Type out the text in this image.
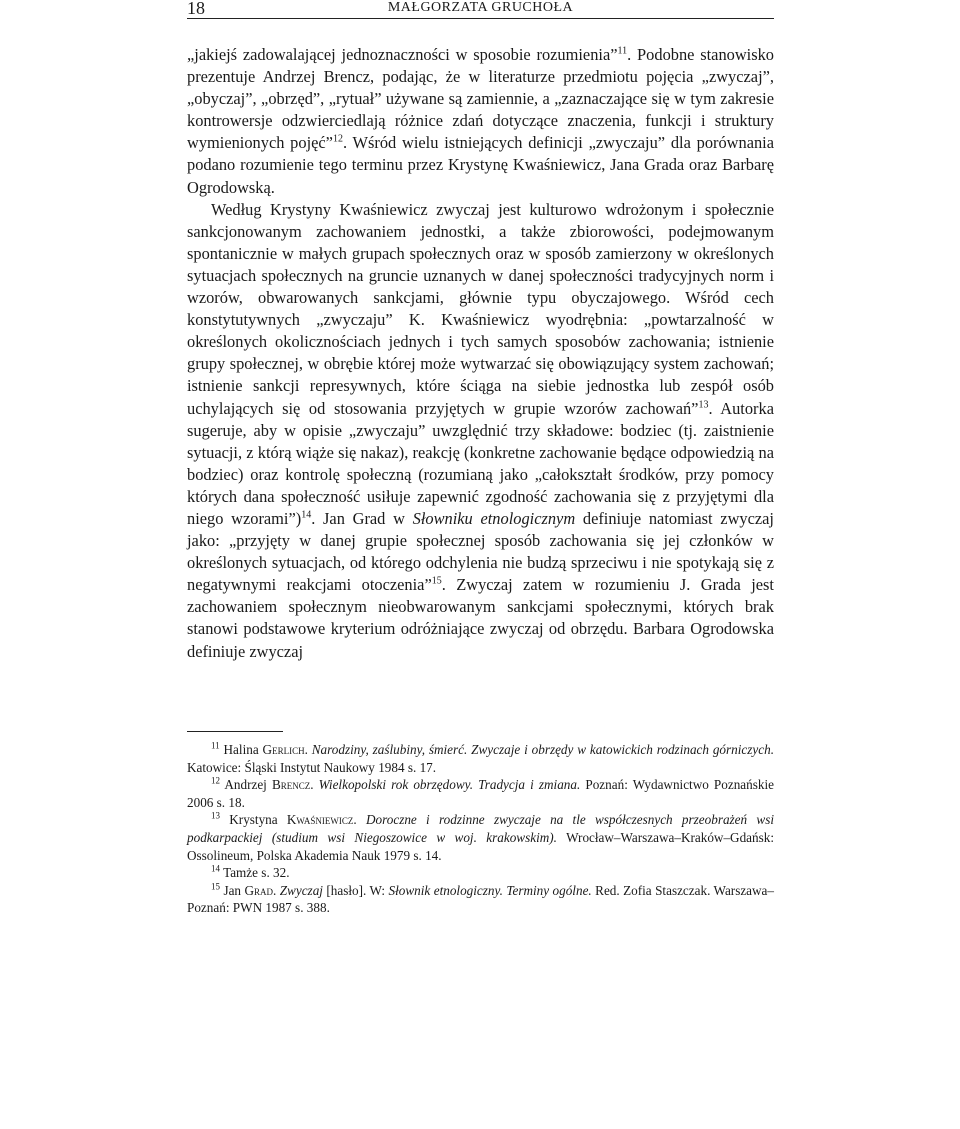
18	MAŁGORZATA GRUCHOŁA

„jakiejś zadowalającej jednoznaczności w sposobie rozumienia”$^{11}$. Podobne stanowisko prezentuje Andrzej Brencz, podając, że w literaturze przedmiotu pojęcia „zwyczaj”, „obyczaj”, „obrzęd”, „rytuał” używane są zamiennie, a „zaznaczające się w tym zakresie kontrowersje odzwierciedlają różnice zdań dotyczące znaczenia, funkcji i struktury wymienionych pojęć”$^{12}$. Wśród wielu istniejących definicji „zwyczaju” dla porównania podano rozumienie tego terminu przez Krystynę Kwaśniewicz, Jana Grada oraz Barbarę Ogrodowską.

Według Krystyny Kwaśniewicz zwyczaj jest kulturowo wdrożonym i społecznie sankcjonowanym zachowaniem jednostki, a także zbiorowości, podejmowanym spontanicznie w małych grupach społecznych oraz w sposób zamierzony w określonych sytuacjach społecznych na gruncie uznanych w danej społeczności tradycyjnych norm i wzorów, obwarowanych sankcjami, głównie typu obyczajowego. Wśród cech konstytutywnych „zwyczaju” K. Kwaśniewicz wyodrębnia: „powtarzalność w określonych okolicznościach jednych i tych samych sposobów zachowania; istnienie grupy społecznej, w obrębie której może wytwarzać się obowiązujący system zachowań; istnienie sankcji represywnych, które ściąga na siebie jednostka lub zespół osób uchylających się od stosowania przyjętych w grupie wzorów zachowań”$^{13}$. Autorka sugeruje, aby w opisie „zwyczaju” uwzględnić trzy składowe: bodziec (tj. zaistnienie sytuacji, z którą wiąże się nakaz), reakcję (konkretne zachowanie będące odpowiedzią na bodziec) oraz kontrolę społeczną (rozumianą jako „całokształt środków, przy pomocy których dana społeczność usiłuje zapewnić zgodność zachowania się z przyjętymi dla niego wzorami”)$^{14}$. Jan Grad w Słowniku etnologicznym definiuje natomiast zwyczaj jako: „przyjęty w danej grupie społecznej sposób zachowania się jej członków w określonych sytuacjach, od którego odchylenia nie budzą sprzeciwu i nie spotykają się z negatywnymi reakcjami otoczenia”$^{15}$. Zwyczaj zatem w rozumieniu J. Grada jest zachowaniem społecznym nieobwarowanym sankcjami społecznymi, których brak stanowi podstawowe kryterium odróżniające zwyczaj od obrzędu. Barbara Ogrodowska definiuje zwyczaj

$^{11}$ Halina Gerlich. Narodziny, zaślubiny, śmierć. Zwyczaje i obrzędy w katowickich rodzinach górniczych. Katowice: Śląski Instytut Naukowy 1984 s. 17.

$^{12}$ Andrzej Brencz. Wielkopolski rok obrzędowy. Tradycja i zmiana. Poznań: Wydawnictwo Poznańskie 2006 s. 18.

$^{13}$ Krystyna Kwaśniewicz. Doroczne i rodzinne zwyczaje na tle współczesnych przeobrażeń wsi podkarpackiej (studium wsi Niegoszowice w woj. krakowskim). Wrocław–Warszawa–Kraków–Gdańsk: Ossolineum, Polska Akademia Nauk 1979 s. 14.

$^{14}$ Tamże s. 32.

$^{15}$ Jan Grad. Zwyczaj [hasło]. W: Słownik etnologiczny. Terminy ogólne. Red. Zofia Staszczak. Warszawa–Poznań: PWN 1987 s. 388.
